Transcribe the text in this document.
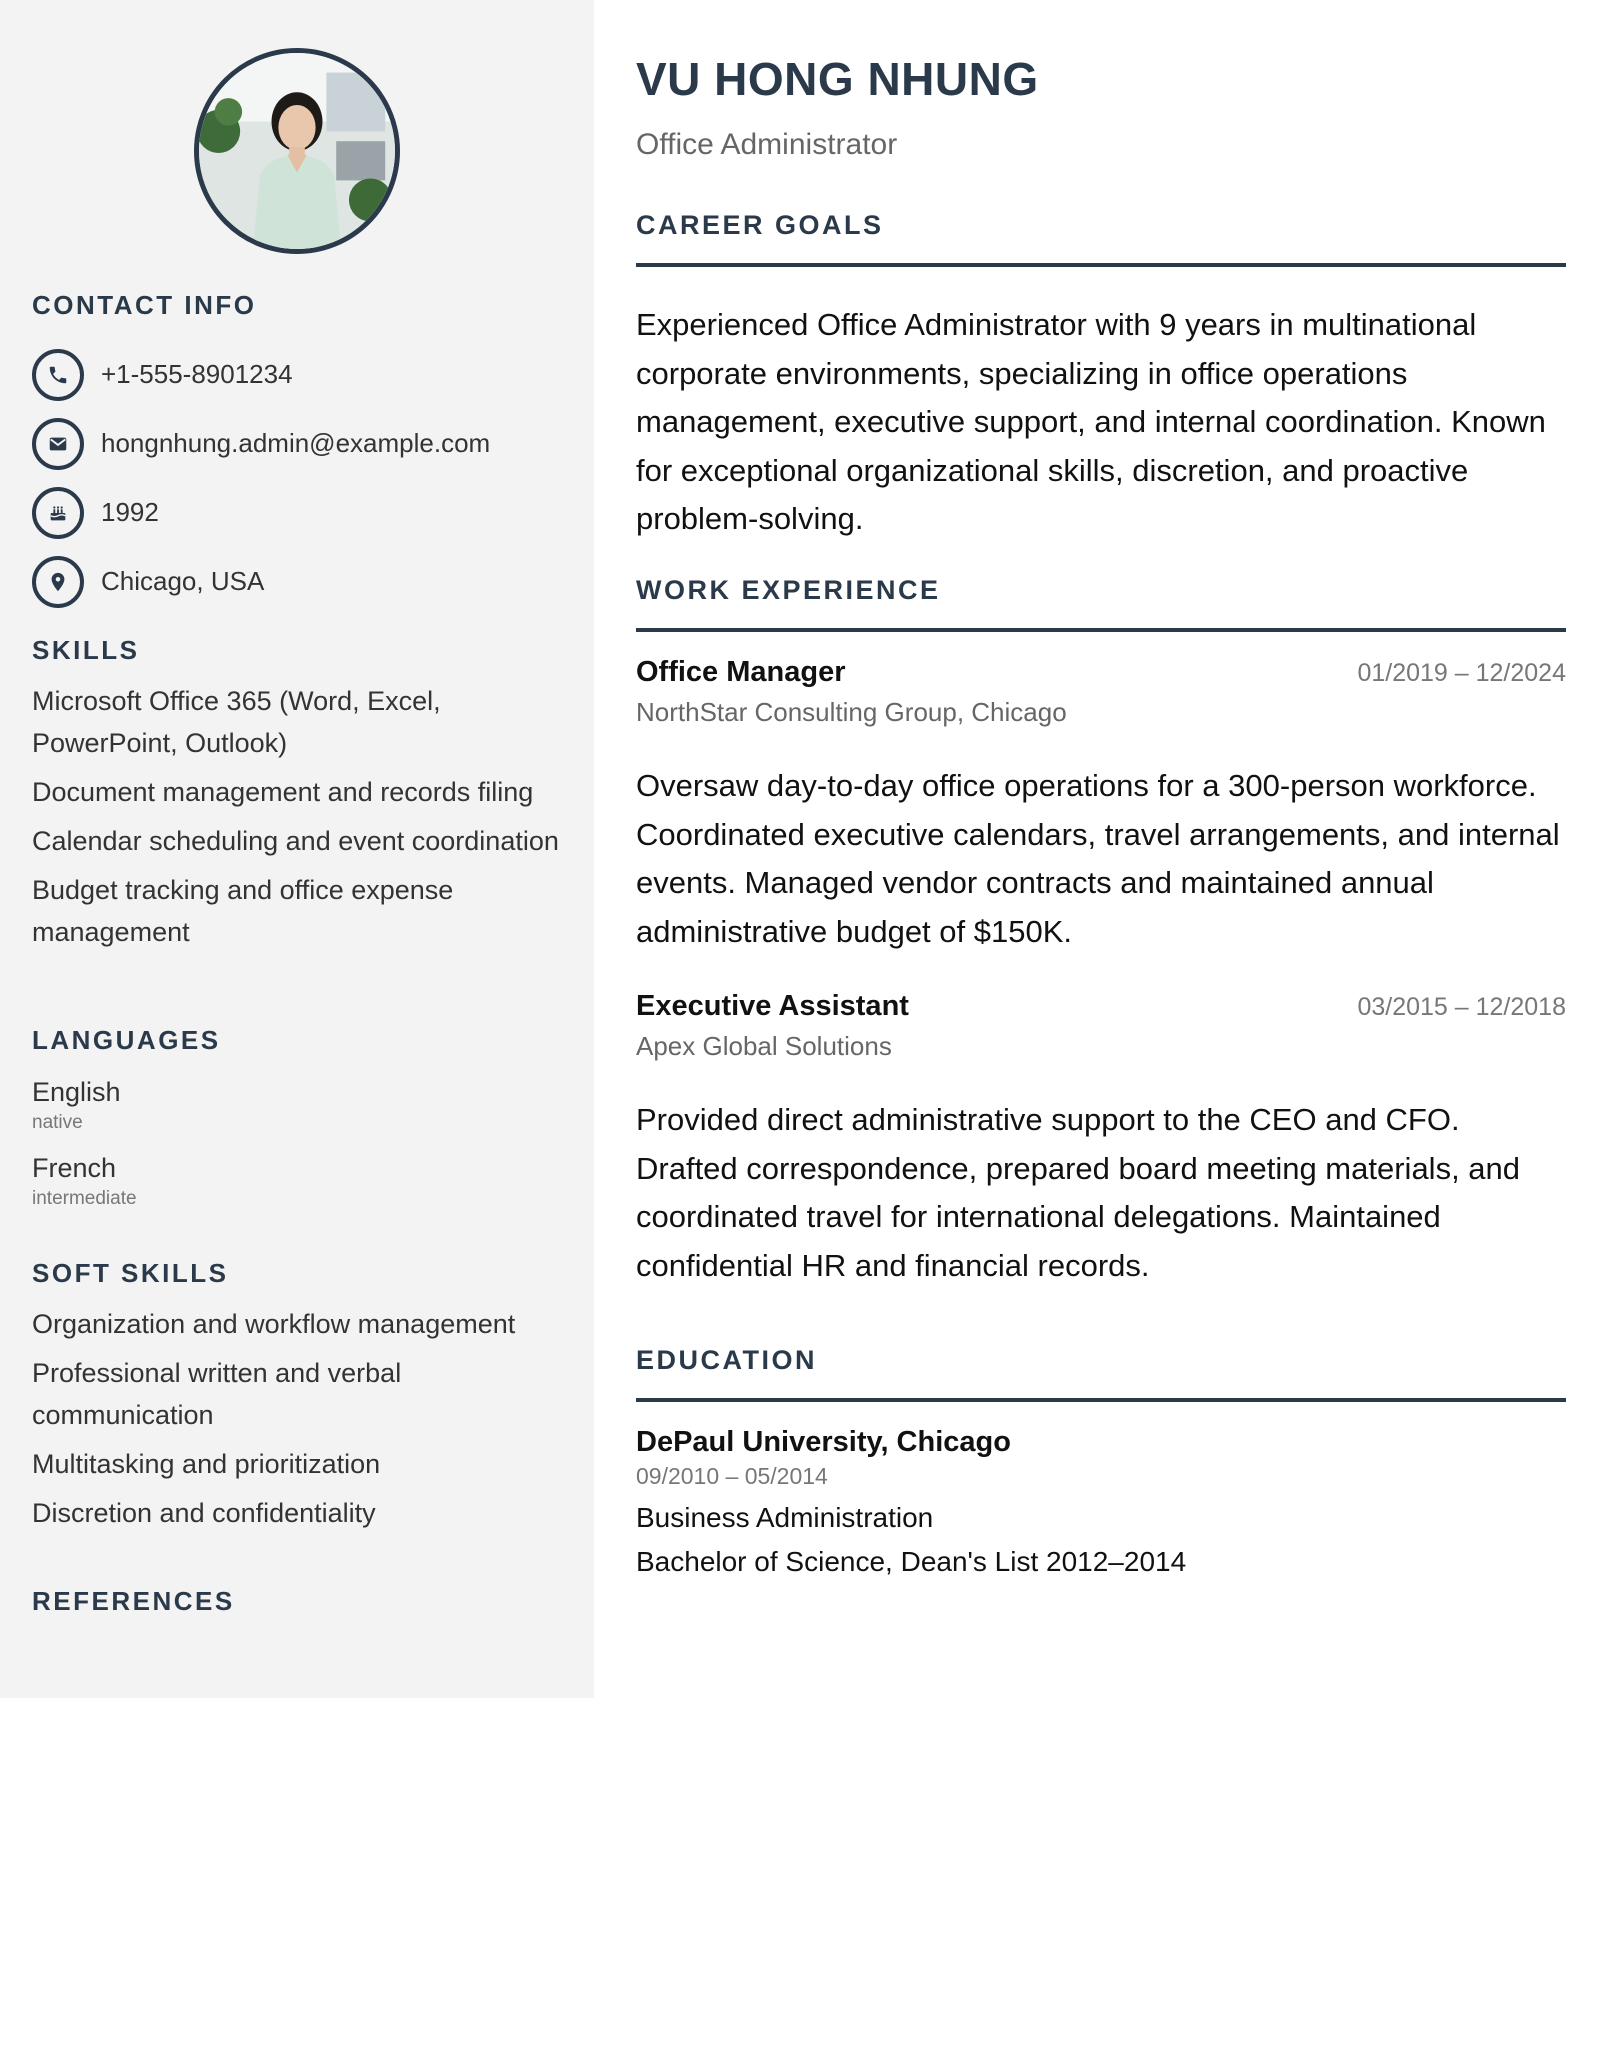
CONTACT INFO
+1-555-8901234
hongnhung.admin@example.com
1992
Chicago, USA
SKILLS
Microsoft Office 365 (Word, Excel, PowerPoint, Outlook)
Document management and records filing
Calendar scheduling and event coordination
Budget tracking and office expense management
LANGUAGES
English
native
French
intermediate
SOFT SKILLS
Organization and workflow management
Professional written and verbal communication
Multitasking and prioritization
Discretion and confidentiality
REFERENCES
VU HONG NHUNG
Office Administrator
CAREER GOALS

Experienced Office Administrator with 9 years in multinational corporate environments, specializing in office operations management, executive support, and internal coordination. Known for exceptional organizational skills, discretion, and proactive problem-solving.

WORK EXPERIENCE
Office Manager	01/2019 – 12/2024
NorthStar Consulting Group, Chicago

Oversaw day-to-day office operations for a 300-person workforce. Coordinated executive calendars, travel arrangements, and internal events. Managed vendor contracts and maintained annual administrative budget of $150K.

Executive Assistant	03/2015 – 12/2018
Apex Global Solutions

Provided direct administrative support to the CEO and CFO. Drafted correspondence, prepared board meeting materials, and coordinated travel for international delegations. Maintained confidential HR and financial records.

EDUCATION
DePaul University, Chicago
09/2010 – 05/2014
Business Administration
Bachelor of Science, Dean's List 2012–2014
